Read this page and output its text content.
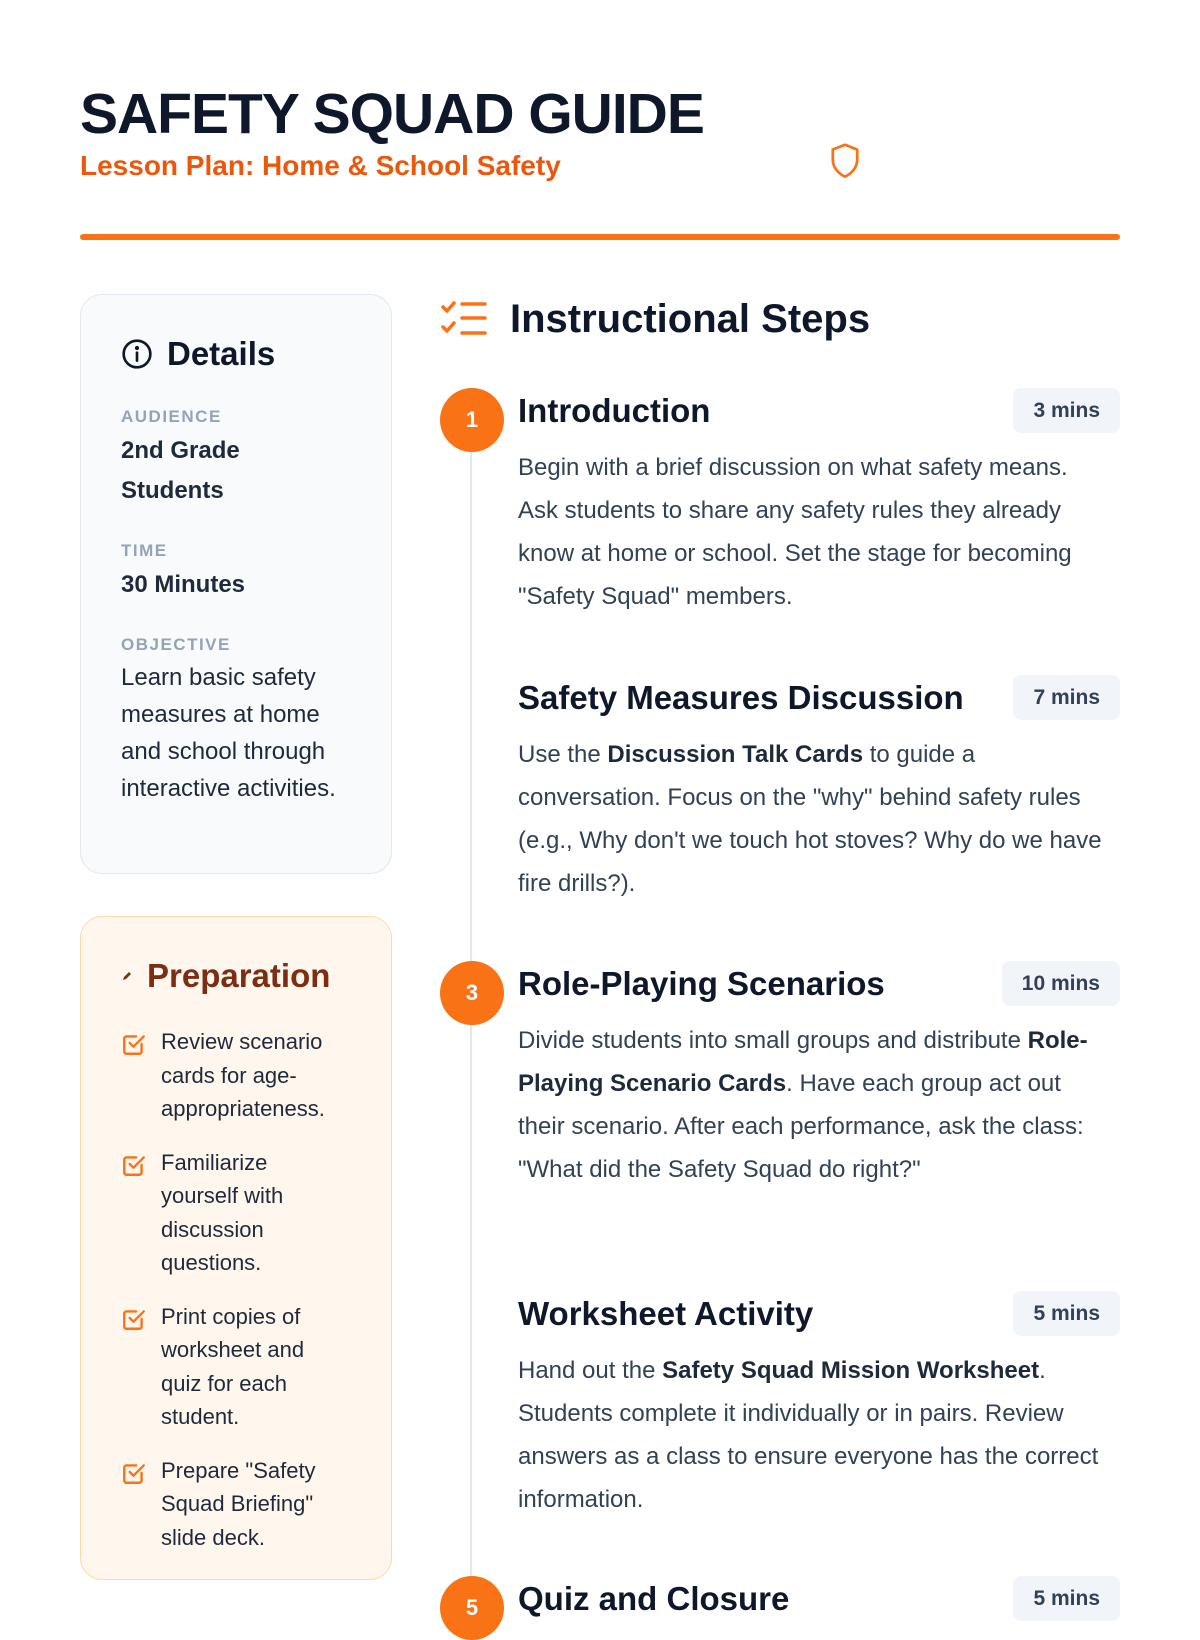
SAFETY SQUAD GUIDE
Lesson Plan: Home & School Safety
Details
AUDIENCE
2nd Grade Students
TIME
30 Minutes
OBJECTIVE
Learn basic safety measures at home and school through interactive activities.
Preparation
Review scenario cards for age-appropriateness.
Familiarize yourself with discussion questions.
Print copies of worksheet and quiz for each student.
Prepare "Safety Squad Briefing" slide deck.
Instructional Steps
1	Introduction	3 mins

Begin with a brief discussion on what safety means. Ask students to share any safety rules they already know at home or school. Set the stage for becoming "Safety Squad" members.

Safety Measures Discussion	7 mins

Use the Discussion Talk Cards to guide a conversation. Focus on the "why" behind safety rules (e.g., Why don't we touch hot stoves? Why do we have fire drills?).

3	Role-Playing Scenarios	10 mins

Divide students into small groups and distribute Role-Playing Scenario Cards. Have each group act out their scenario. After each performance, ask the class: "What did the Safety Squad do right?"

Worksheet Activity	5 mins

Hand out the Safety Squad Mission Worksheet. Students complete it individually or in pairs. Review answers as a class to ensure everyone has the correct information.

5	Quiz and Closure	5 mins
